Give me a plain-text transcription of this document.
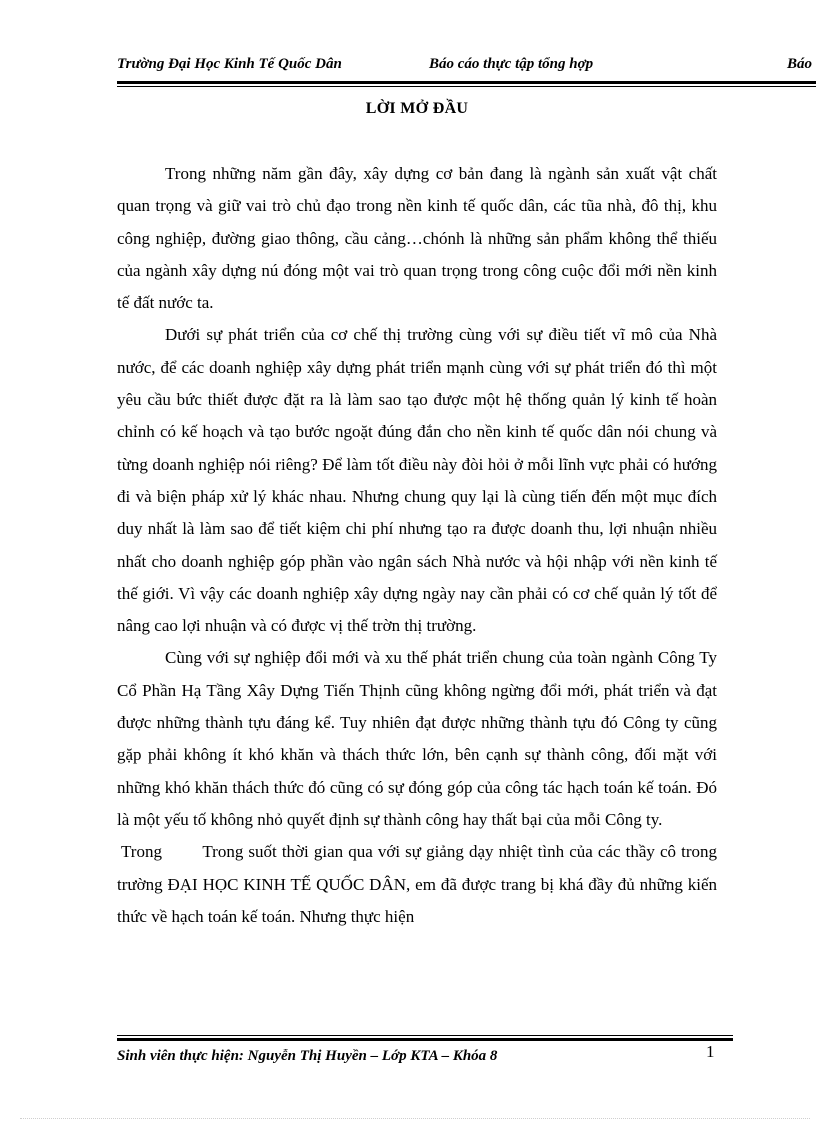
Trường Đại Học Kinh Tế Quốc Dân	Báo cáo thực tập tổng hợp	Báo
LỜI MỞ ĐẦU

Trong những năm gần đây, xây dựng cơ bản đang là ngành sản xuất vật chất quan trọng và giữ vai trò chủ đạo trong nền kinh tế quốc dân, các tũa nhà, đô thị, khu công nghiệp, đường giao thông, cầu cảng…chónh là những sản phẩm không thể thiếu của ngành xây dựng nú đóng một vai trò quan trọng trong công cuộc đổi mới nền kinh tế đất nước ta.

Dưới sự phát triển của cơ chế thị trường cùng với sự điều tiết vĩ mô của Nhà nước, để các doanh nghiệp xây dựng phát triển mạnh cùng với sự phát triển đó thì một yêu cầu bức thiết được đặt ra là làm sao tạo được một hệ thống quản lý kinh tế hoàn chỉnh có kế hoạch và tạo bước ngoặt đúng đắn cho nền kinh tế quốc dân nói chung và từng doanh nghiệp nói riêng? Để làm tốt điều này đòi hỏi ở mỗi lĩnh vực phải có hướng đi và biện pháp xử lý khác nhau. Nhưng chung quy lại là cùng tiến đến một mục đích duy nhất là làm sao để tiết kiệm chi phí nhưng tạo ra được doanh thu, lợi nhuận nhiều nhất cho doanh nghiệp góp phần vào ngân sách Nhà nước và hội nhập với nền kinh tế thế giới. Vì vậy các doanh nghiệp xây dựng ngày nay cần phải có cơ chế quản lý tốt để nâng cao lợi nhuận và có được vị thế trờn thị trường.

Cùng với sự nghiệp đổi mới và xu thế phát triển chung của toàn ngành Công Ty Cổ Phần Hạ Tầng Xây Dựng Tiến Thịnh cũng không ngừng đổi mới, phát triển và đạt được những thành tựu đáng kể. Tuy nhiên đạt được những thành tựu đó Công ty cũng gặp phải không ít khó khăn và thách thức lớn, bên cạnh sự thành công, đối mặt với những khó khăn thách thức đó cũng có sự đóng góp của công tác hạch toán kế toán. Đó là một yếu tố không nhỏ quyết định sự thành công hay thất bại của mỗi Công ty.

Trong        Trong suốt thời gian qua với sự giảng dạy nhiệt tình của các thầy cô trong trường ĐẠI HỌC KINH TẾ QUỐC DÂN, em đã được trang bị khá đầy đủ những kiến thức về hạch toán kế toán. Nhưng thực hiện

Sinh viên thực hiện: Nguyễn Thị Huyền – Lớp KTA – Khóa 8	1
